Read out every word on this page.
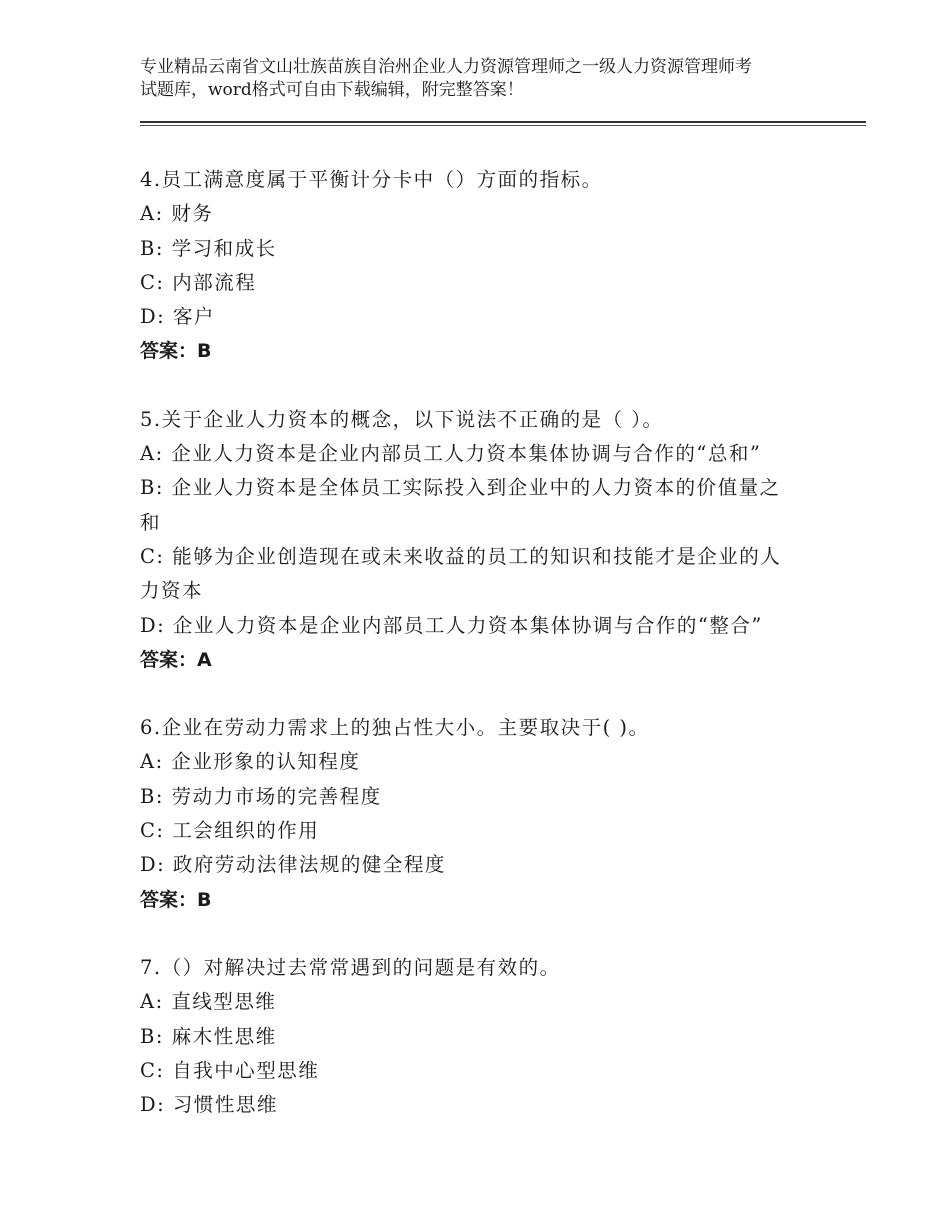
专业精品云南省文山壮族苗族自治州企业人力资源管理师之一级人力资源管理师考
试题库，word格式可自由下载编辑，附完整答案！
4.员工满意度属于平衡计分卡中（）方面的指标。
A: 财务
B: 学习和成长
C: 内部流程
D: 客户
答案：B
5.关于企业人力资本的概念，以下说法不正确的是（ ）。
A: 企业人力资本是企业内部员工人力资本集体协调与合作的“总和”
B: 企业人力资本是全体员工实际投入到企业中的人力资本的价值量之
和
C: 能够为企业创造现在或未来收益的员工的知识和技能才是企业的人
力资本
D: 企业人力资本是企业内部员工人力资本集体协调与合作的“整合”
答案：A
6.企业在劳动力需求上的独占性大小。主要取决于( )。
A: 企业形象的认知程度
B: 劳动力市场的完善程度
C: 工会组织的作用
D: 政府劳动法律法规的健全程度
答案：B
7.（）对解决过去常常遇到的问题是有效的。
A: 直线型思维
B: 麻木性思维
C: 自我中心型思维
D: 习惯性思维
